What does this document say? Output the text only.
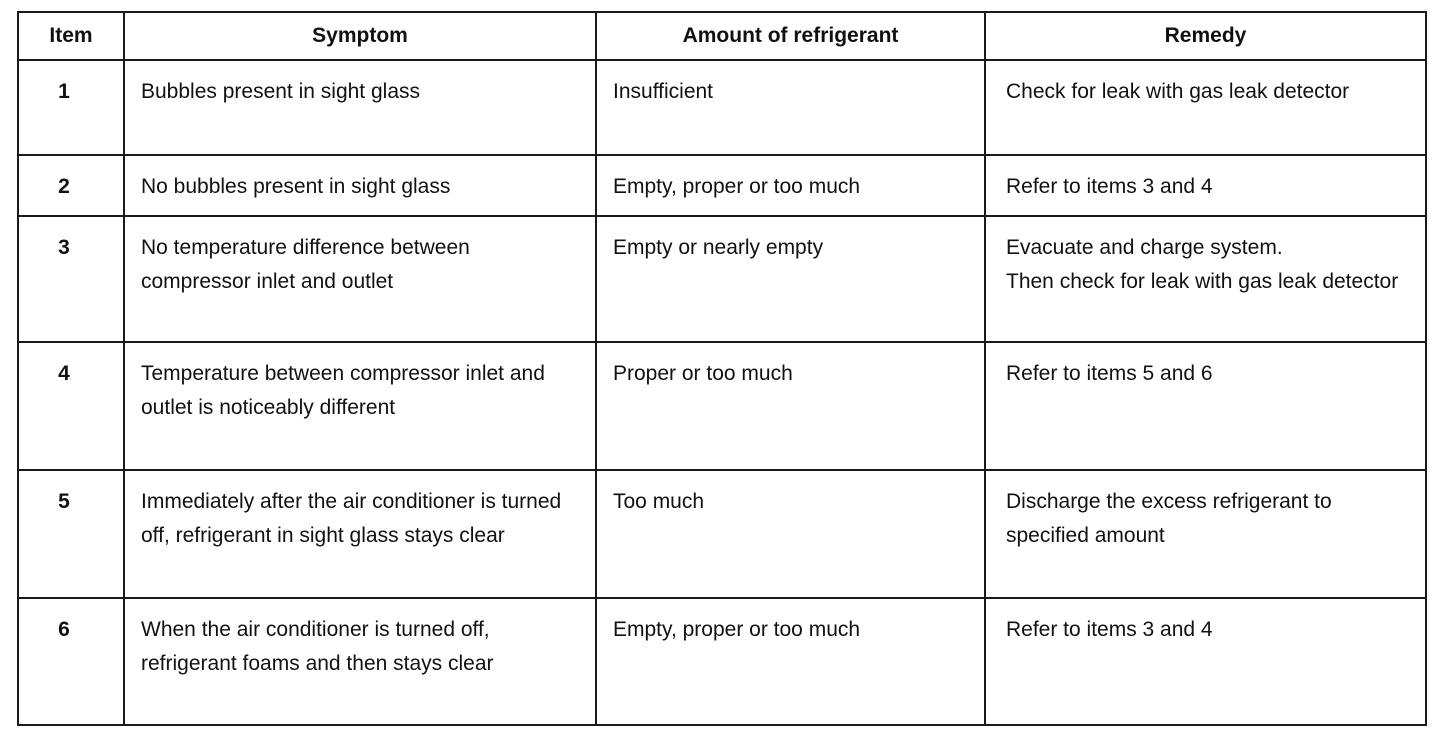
Item	Symptom	Amount of refrigerant	Remedy
1	Bubbles present in sight glass	Insufficient	Check for leak with gas leak detector

2	No bubbles present in sight glass	Empty, proper or too much	Refer to items 3 and 4

3	No temperature difference between compressor inlet and outlet	Empty or nearly empty	Evacuate and charge system.
Then check for leak with gas leak detector

4	Temperature between compressor inlet and outlet is noticeably different	Proper or too much	Refer to items 5 and 6

5	Immediately after the air conditioner is turned off, refrigerant in sight glass stays clear	Too much	Discharge the excess refrigerant to specified amount

6	When the air conditioner is turned off, refrigerant foams and then stays clear	Empty, proper or too much	Refer to items 3 and 4
